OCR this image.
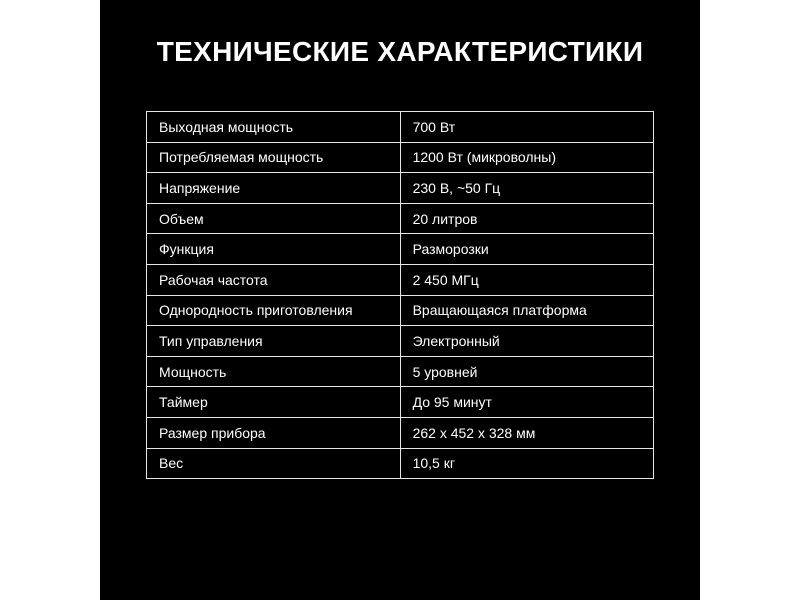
ТЕХНИЧЕСКИЕ ХАРАКТЕРИСТИКИ
Выходная мощность	700 Вт
Потребляемая мощность	1200 Вт (микроволны)
Напряжение	230 В, ~50 Гц
Объем	20 литров
Функция	Разморозки
Рабочая частота	2 450 МГц
Однородность приготовления	Вращающаяся платформа
Тип управления	Электронный
Мощность	5 уровней
Таймер	До 95 минут
Размер прибора	262 x 452 x 328 мм
Вес	10,5 кг
